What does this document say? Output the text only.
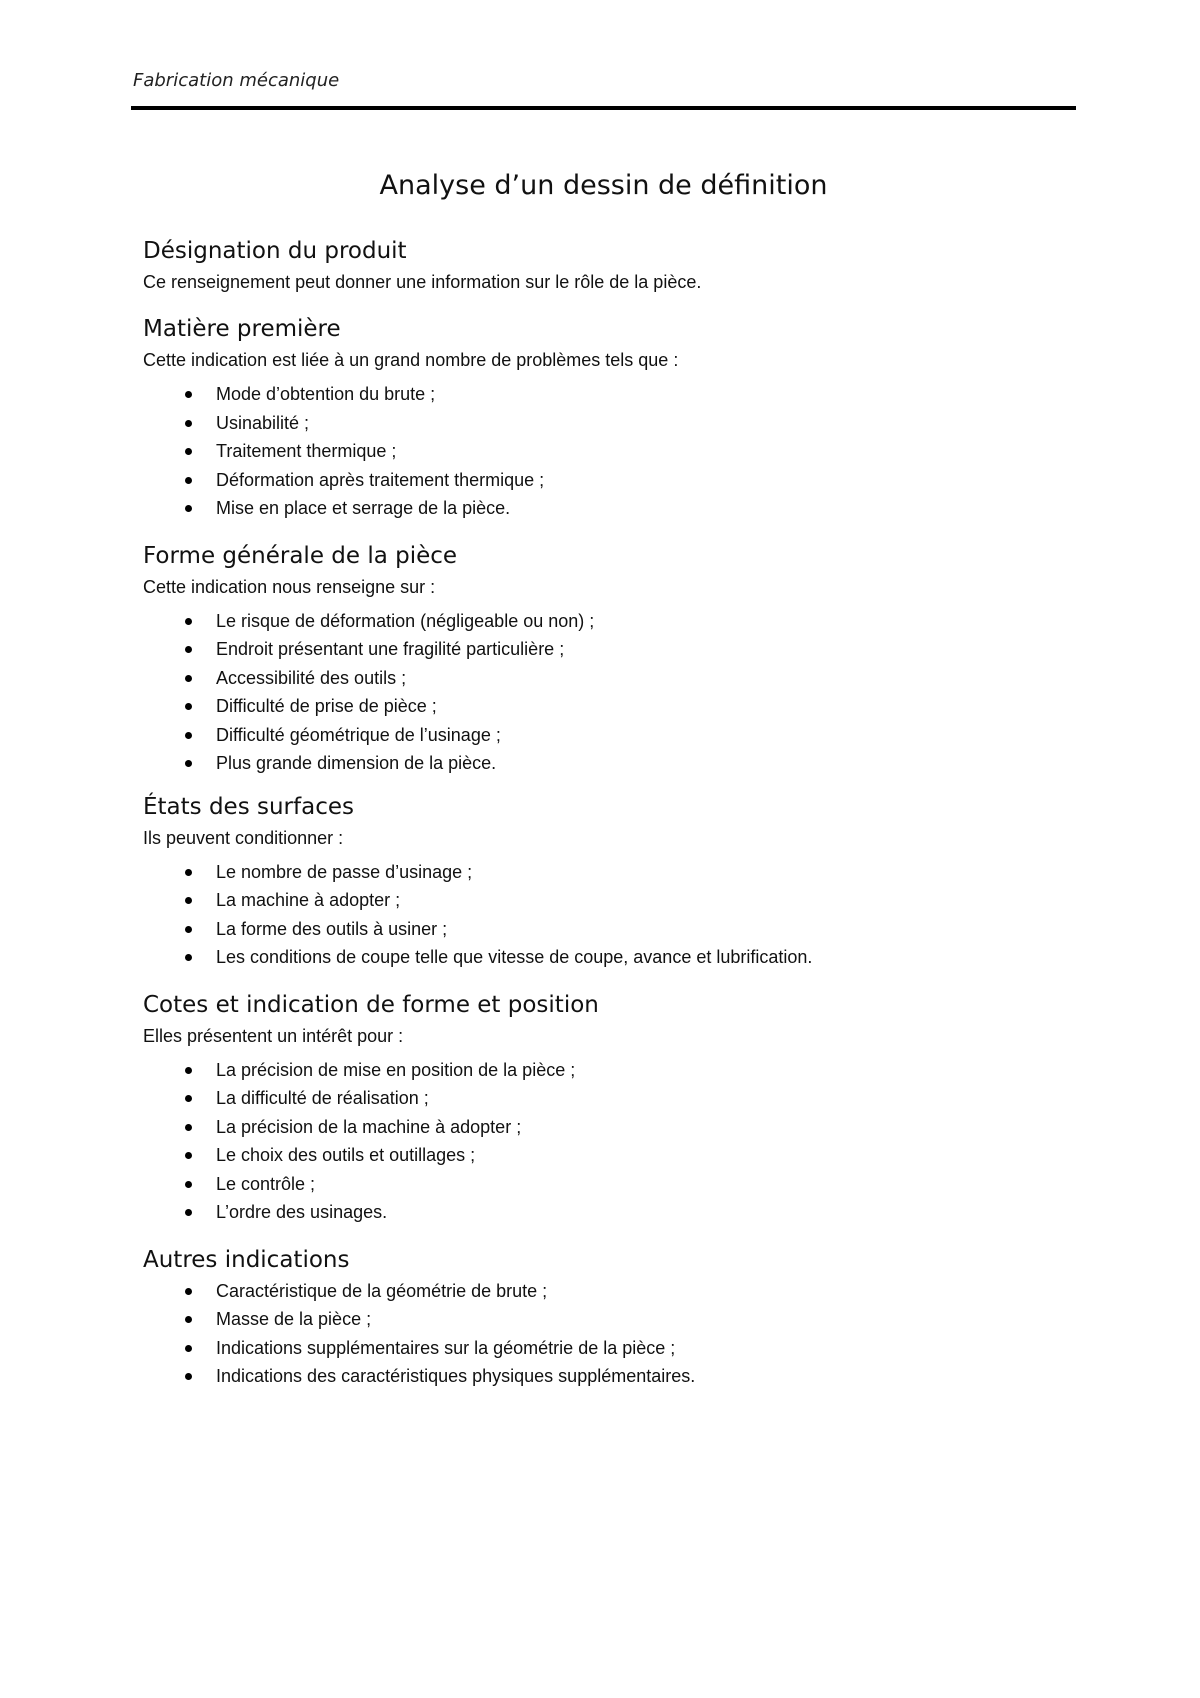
Fabrication mécanique
Analyse d’un dessin de définition
Désignation du produit

Ce renseignement peut donner une information sur le rôle de la pièce.

Matière première

Cette indication est liée à un grand nombre de problèmes tels que :

Mode d’obtention du brute ;
Usinabilité ;
Traitement thermique ;
Déformation après traitement thermique ;
Mise en place et serrage de la pièce.
Forme générale de la pièce

Cette indication nous renseigne sur :

Le risque de déformation (négligeable ou non) ;
Endroit présentant une fragilité particulière ;
Accessibilité des outils ;
Difficulté de prise de pièce ;
Difficulté géométrique de l’usinage ;
Plus grande dimension de la pièce.
États des surfaces

Ils peuvent conditionner :

Le nombre de passe d’usinage ;
La machine à adopter ;
La forme des outils à usiner ;
Les conditions de coupe telle que vitesse de coupe, avance et lubrification.
Cotes et indication de forme et position

Elles présentent un intérêt pour :

La précision de mise en position de la pièce ;
La difficulté de réalisation ;
La précision de la machine à adopter ;
Le choix des outils et outillages ;
Le contrôle ;
L’ordre des usinages.
Autres indications
Caractéristique de la géométrie de brute ;
Masse de la pièce ;
Indications supplémentaires sur la géométrie de la pièce ;
Indications des caractéristiques physiques supplémentaires.
